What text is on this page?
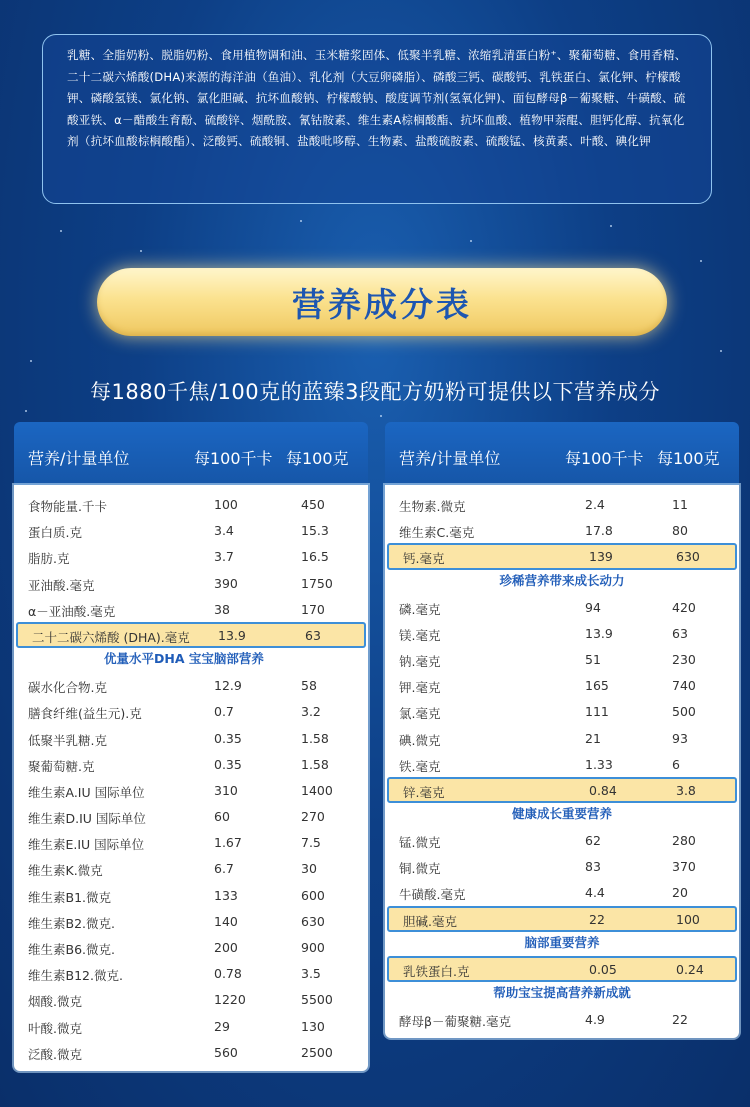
乳糖、全脂奶粉、脱脂奶粉、食用植物调和油、玉米糖浆固体、低聚半乳糖、浓缩乳清蛋白粉⁺、聚葡萄糖、食用香精、二十二碳六烯酸(DHA)来源的海洋油（鱼油）、乳化剂（大豆卵磷脂）、磷酸三钙、碳酸钙、乳铁蛋白、氯化钾、柠檬酸钾、磷酸氢镁、氯化钠、氯化胆碱、抗坏血酸钠、柠檬酸钠、酸度调节剂(氢氧化钾)、面包酵母β－葡聚糖、牛磺酸、硫酸亚铁、α－醋酸生育酚、硫酸锌、烟酰胺、氰钴胺素、维生素A棕榈酸酯、抗坏血酸、植物甲萘醌、胆钙化醇、抗氧化剂（抗坏血酸棕榈酸酯）、泛酸钙、硫酸铜、盐酸吡哆醇、生物素、盐酸硫胺素、硫酸锰、核黄素、叶酸、碘化钾

营养成分表
每1880千焦/100克的蓝臻3段配方奶粉可提供以下营养成分
营养/计量单位	每100千卡 每100克
食物能量.千卡	100	450
蛋白质.克	3.4	15.3
脂肪.克	3.7	16.5
亚油酸.毫克	390	1750
α－亚油酸.毫克	38	170
二十二碳六烯酸 (DHA).毫克 13.9	63
优量水平DHA 宝宝脑部营养
碳水化合物.克	12.9	58
膳食纤维(益生元).克	0.7	3.2
低聚半乳糖.克	0.35	1.58
聚葡萄糖.克	0.35	1.58
维生素A.IU 国际单位	310	1400
维生素D.IU 国际单位	60	270
维生素E.IU 国际单位	1.67	7.5
维生素K.微克	6.7	30
维生素B1.微克	133	600
维生素B2.微克.	140	630
维生素B6.微克.	200	900
维生素B12.微克.	0.78	3.5
烟酸.微克	1220	5500
叶酸.微克	29	130
泛酸.微克	560	2500
营养/计量单位	每100千卡 每100克
生物素.微克	2.4	11
维生素C.毫克	17.8	80
钙.毫克	139	630
珍稀营养带来成长动力
磷.毫克	94	420
镁.毫克	13.9	63
钠.毫克	51	230
钾.毫克	165	740
氯.毫克	111	500
碘.微克	21	93
铁.毫克	1.33	6
锌.毫克	0.84	3.8
健康成长重要营养
锰.微克	62	280
铜.微克	83	370
牛磺酸.毫克	4.4	20
胆碱.毫克	22	100
脑部重要营养
乳铁蛋白.克	0.05	0.24
帮助宝宝提高营养新成就
酵母β－葡聚糖.毫克	4.9	22
